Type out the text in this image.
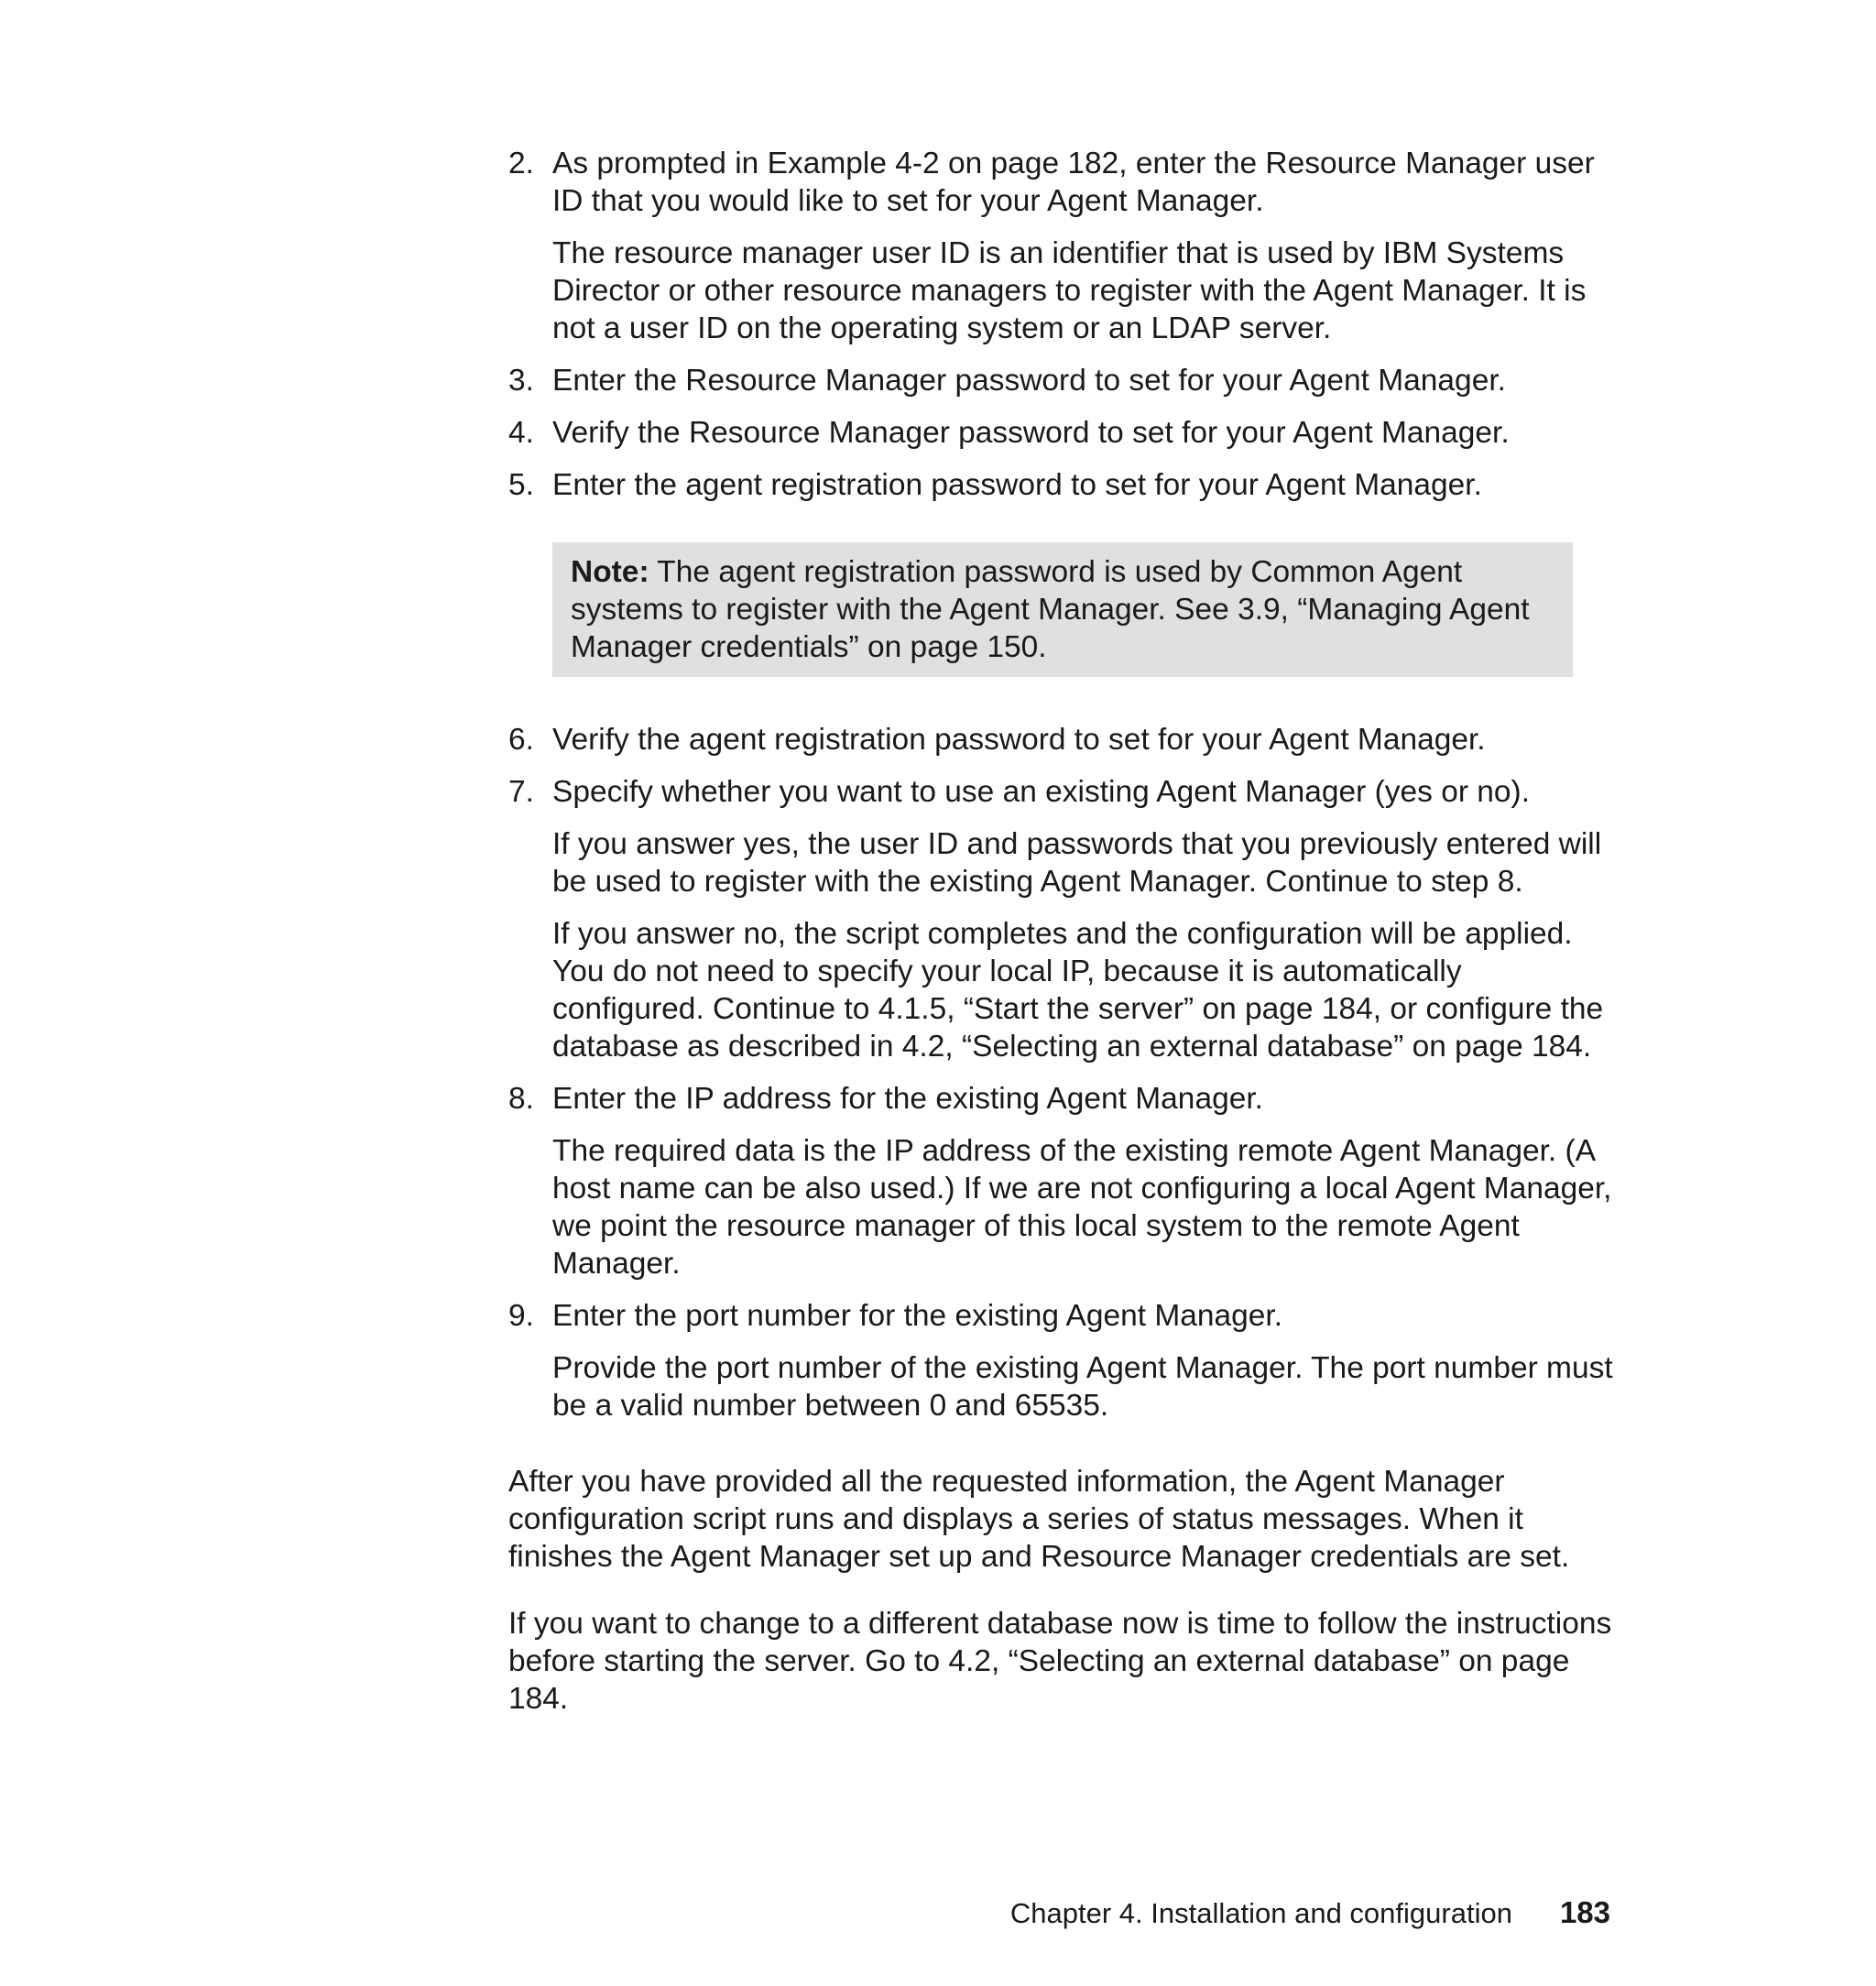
2. As prompted in Example 4-2 on page 182, enter the Resource Manager user ID that you would like to set for your Agent Manager.

The resource manager user ID is an identifier that is used by IBM Systems Director or other resource managers to register with the Agent Manager. It is not a user ID on the operating system or an LDAP server.

3. Enter the Resource Manager password to set for your Agent Manager.

4. Verify the Resource Manager password to set for your Agent Manager.

5. Enter the agent registration password to set for your Agent Manager.

Note: The agent registration password is used by Common Agent systems to register with the Agent Manager. See 3.9, “Managing Agent Manager credentials” on page 150.
6. Verify the agent registration password to set for your Agent Manager.

7. Specify whether you want to use an existing Agent Manager (yes or no).

If you answer yes, the user ID and passwords that you previously entered will be used to register with the existing Agent Manager. Continue to step 8.

If you answer no, the script completes and the configuration will be applied. You do not need to specify your local IP, because it is automatically configured. Continue to 4.1.5, “Start the server” on page 184, or configure the database as described in 4.2, “Selecting an external database” on page 184.

8. Enter the IP address for the existing Agent Manager.

The required data is the IP address of the existing remote Agent Manager. (A host name can be also used.) If we are not configuring a local Agent Manager, we point the resource manager of this local system to the remote Agent Manager.

9. Enter the port number for the existing Agent Manager.

Provide the port number of the existing Agent Manager. The port number must be a valid number between 0 and 65535.

After you have provided all the requested information, the Agent Manager configuration script runs and displays a series of status messages. When it finishes the Agent Manager set up and Resource Manager credentials are set.

If you want to change to a different database now is time to follow the instructions before starting the server. Go to 4.2, “Selecting an external database” on page 184.

Chapter 4. Installation and configuration 183
